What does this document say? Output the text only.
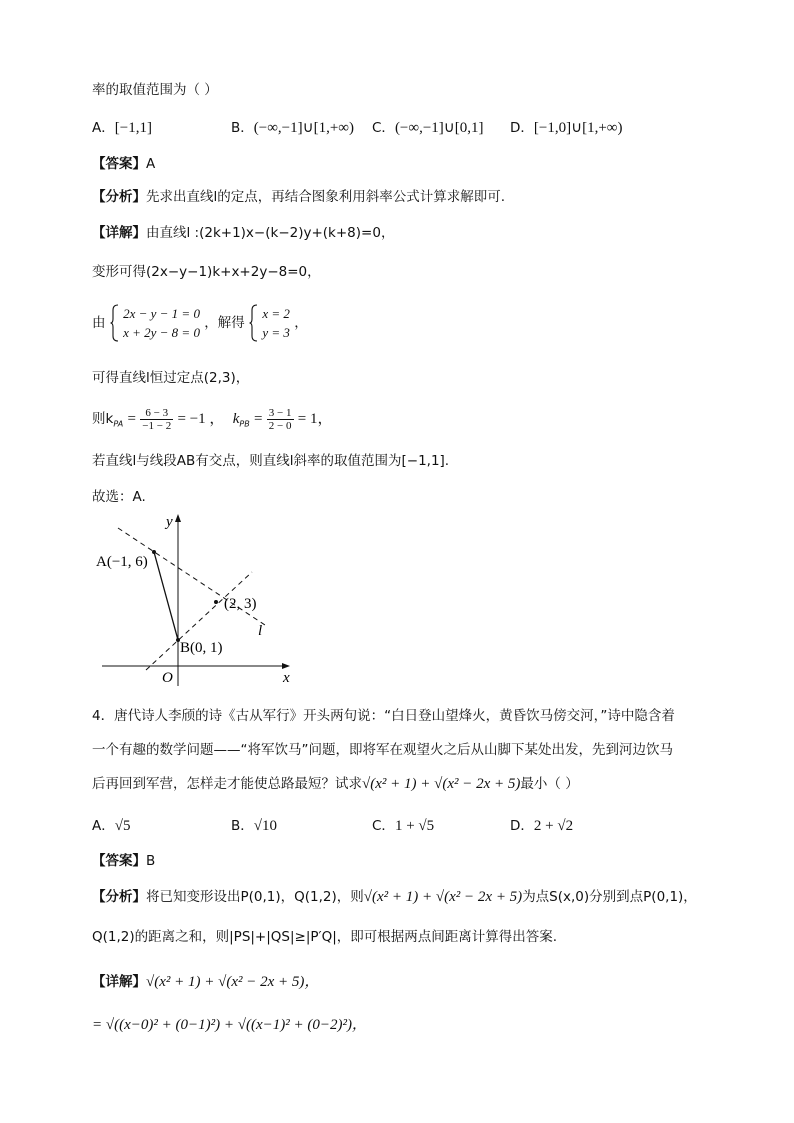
率的取值范围为（ ）
A．[−1,1]	B．(−∞,−1]∪[1,+∞) C．(−∞,−1]∪[0,1] D．[−1,0]∪[1,+∞)
【答案】A
【分析】先求出直线l的定点，再结合图象利用斜率公式计算求解即可.
【详解】由直线l :(2k+1)x−(k−2)y+(k+8)=0，
变形可得(2x−y−1)k+x+2y−8=0，
由
2x − y − 1 = 0
x + 2y − 8 = 0
，解得
x = 2
y = 3
，
可得直线l恒过定点(2,3)，
则$k_{PA} = \frac{6 - 3}{-1 - 2} = -1$ ， $k_{PB} = \frac{3 - 1}{2 - 0} = 1$，
若直线l与线段AB有交点，则直线l斜率的取值范围为[−1,1].
故选：A.
A(−1, 6)
(2, 3)
B(0, 1)
l
O	x
y
4．唐代诗人李颀的诗《古从军行》开头两句说：“白日登山望烽火，黄昏饮马傍交河，”诗中隐含着
一个有趣的数学问题——“将军饮马”问题，即将军在观望火之后从山脚下某处出发，先到河边饮马
后再回到军营，怎样走才能使总路最短？试求√(x² + 1) + √(x² − 2x + 5)最小（ ）
A．√5	B．√10	C．1 + √5	D．2 + √2
【答案】B
【分析】将已知变形设出P(0,1)，Q(1,2)，则√(x² + 1) + √(x² − 2x + 5)为点S(x,0)分别到点P(0,1)，
Q(1,2)的距离之和，则|PS|+|QS|≥|P′Q|，即可根据两点间距离计算得出答案.
【详解】√(x² + 1) + √(x² − 2x + 5)，
= √((x−0)² + (0−1)²) + √((x−1)² + (0−2)²)，
